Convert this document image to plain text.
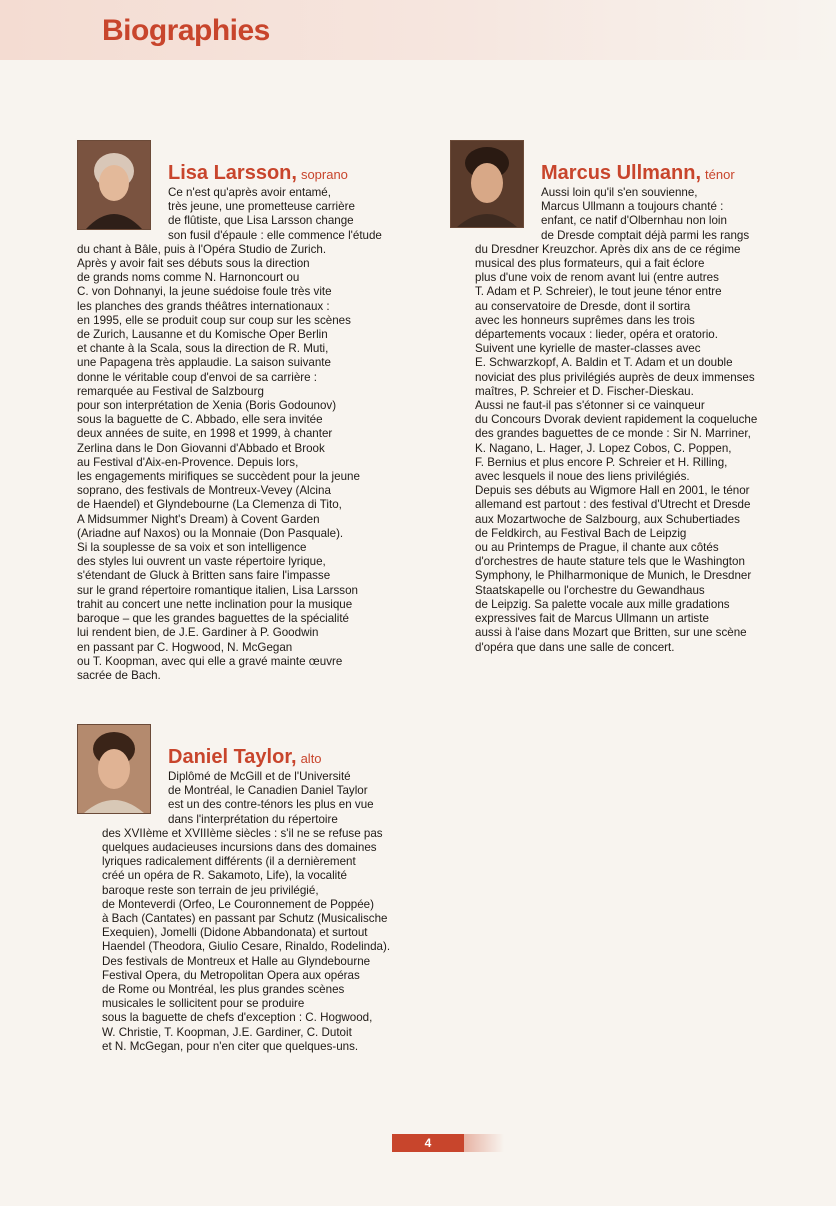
Biographies
Lisa Larsson, soprano

Ce n'est qu'après avoir entamé,

très jeune, une prometteuse carrière

de flûtiste, que Lisa Larsson change

son fusil d'épaule : elle commence l'étude

du chant à Bâle, puis à l'Opéra Studio de Zurich.

Après y avoir fait ses débuts sous la direction

de grands noms comme N. Harnoncourt ou

C. von Dohnanyi, la jeune suédoise foule très vite

les planches des grands théâtres internationaux :

en 1995, elle se produit coup sur coup sur les scènes

de Zurich, Lausanne et du Komische Oper Berlin

et chante à la Scala, sous la direction de R. Muti,

une Papagena très applaudie. La saison suivante

donne le véritable coup d'envoi de sa carrière :

remarquée au Festival de Salzbourg

pour son interprétation de Xenia (Boris Godounov)

sous la baguette de C. Abbado, elle sera invitée

deux années de suite, en 1998 et 1999, à chanter

Zerlina dans le Don Giovanni d'Abbado et Brook

au Festival d'Aix-en-Provence. Depuis lors,

les engagements mirifiques se succèdent pour la jeune

soprano, des festivals de Montreux-Vevey (Alcina

de Haendel) et Glyndebourne (La Clemenza di Tito,

A Midsummer Night's Dream) à Covent Garden

(Ariadne auf Naxos) ou la Monnaie (Don Pasquale).

Si la souplesse de sa voix et son intelligence

des styles lui ouvrent un vaste répertoire lyrique,

s'étendant de Gluck à Britten sans faire l'impasse

sur le grand répertoire romantique italien, Lisa Larsson

trahit au concert une nette inclination pour la musique

baroque – que les grandes baguettes de la spécialité

lui rendent bien, de J.E. Gardiner à P. Goodwin

en passant par C. Hogwood, N. McGegan

ou T. Koopman, avec qui elle a gravé mainte œuvre

sacrée de Bach.

Marcus Ullmann, ténor

Aussi loin qu'il s'en souvienne,

Marcus Ullmann a toujours chanté :

enfant, ce natif d'Olbernhau non loin

de Dresde comptait déjà parmi les rangs

du Dresdner Kreuzchor. Après dix ans de ce régime

musical des plus formateurs, qui a fait éclore

plus d'une voix de renom avant lui (entre autres

T. Adam et P. Schreier), le tout jeune ténor entre

au conservatoire de Dresde, dont il sortira

avec les honneurs suprêmes dans les trois

départements vocaux : lieder, opéra et oratorio.

Suivent une kyrielle de master-classes avec

E. Schwarzkopf, A. Baldin et T. Adam et un double

noviciat des plus privilégiés auprès de deux immenses

maîtres, P. Schreier et D. Fischer-Dieskau.

Aussi ne faut-il pas s'étonner si ce vainqueur

du Concours Dvorak devient rapidement la coqueluche

des grandes baguettes de ce monde : Sir N. Marriner,

K. Nagano, L. Hager, J. Lopez Cobos, C. Poppen,

F. Bernius et plus encore P. Schreier et H. Rilling,

avec lesquels il noue des liens privilégiés.

Depuis ses débuts au Wigmore Hall en 2001, le ténor

allemand est partout : des festival d'Utrecht et Dresde

aux Mozartwoche de Salzbourg, aux Schubertiades

de Feldkirch, au Festival Bach de Leipzig

ou au Printemps de Prague, il chante aux côtés

d'orchestres de haute stature tels que le Washington

Symphony, le Philharmonique de Munich, le Dresdner

Staatskapelle ou l'orchestre du Gewandhaus

de Leipzig. Sa palette vocale aux mille gradations

expressives fait de Marcus Ullmann un artiste

aussi à l'aise dans Mozart que Britten, sur une scène

d'opéra que dans une salle de concert.

Daniel Taylor, alto

Diplômé de McGill et de l'Université

de Montréal, le Canadien Daniel Taylor

est un des contre-ténors les plus en vue

dans l'interprétation du répertoire

des XVIIème et XVIIIème siècles : s'il ne se refuse pas

quelques audacieuses incursions dans des domaines

lyriques radicalement différents (il a dernièrement

créé un opéra de R. Sakamoto, Life), la vocalité

baroque reste son terrain de jeu privilégié,

de Monteverdi (Orfeo, Le Couronnement de Poppée)

à Bach (Cantates) en passant par Schutz (Musicalische

Exequien), Jomelli (Didone Abbandonata) et surtout

Haendel (Theodora, Giulio Cesare, Rinaldo, Rodelinda).

Des festivals de Montreux et Halle au Glyndebourne

Festival Opera, du Metropolitan Opera aux opéras

de Rome ou Montréal, les plus grandes scènes

musicales le sollicitent pour se produire

sous la baguette de chefs d'exception : C. Hogwood,

W. Christie, T. Koopman, J.E. Gardiner, C. Dutoit

et N. McGegan, pour n'en citer que quelques-uns.

4
